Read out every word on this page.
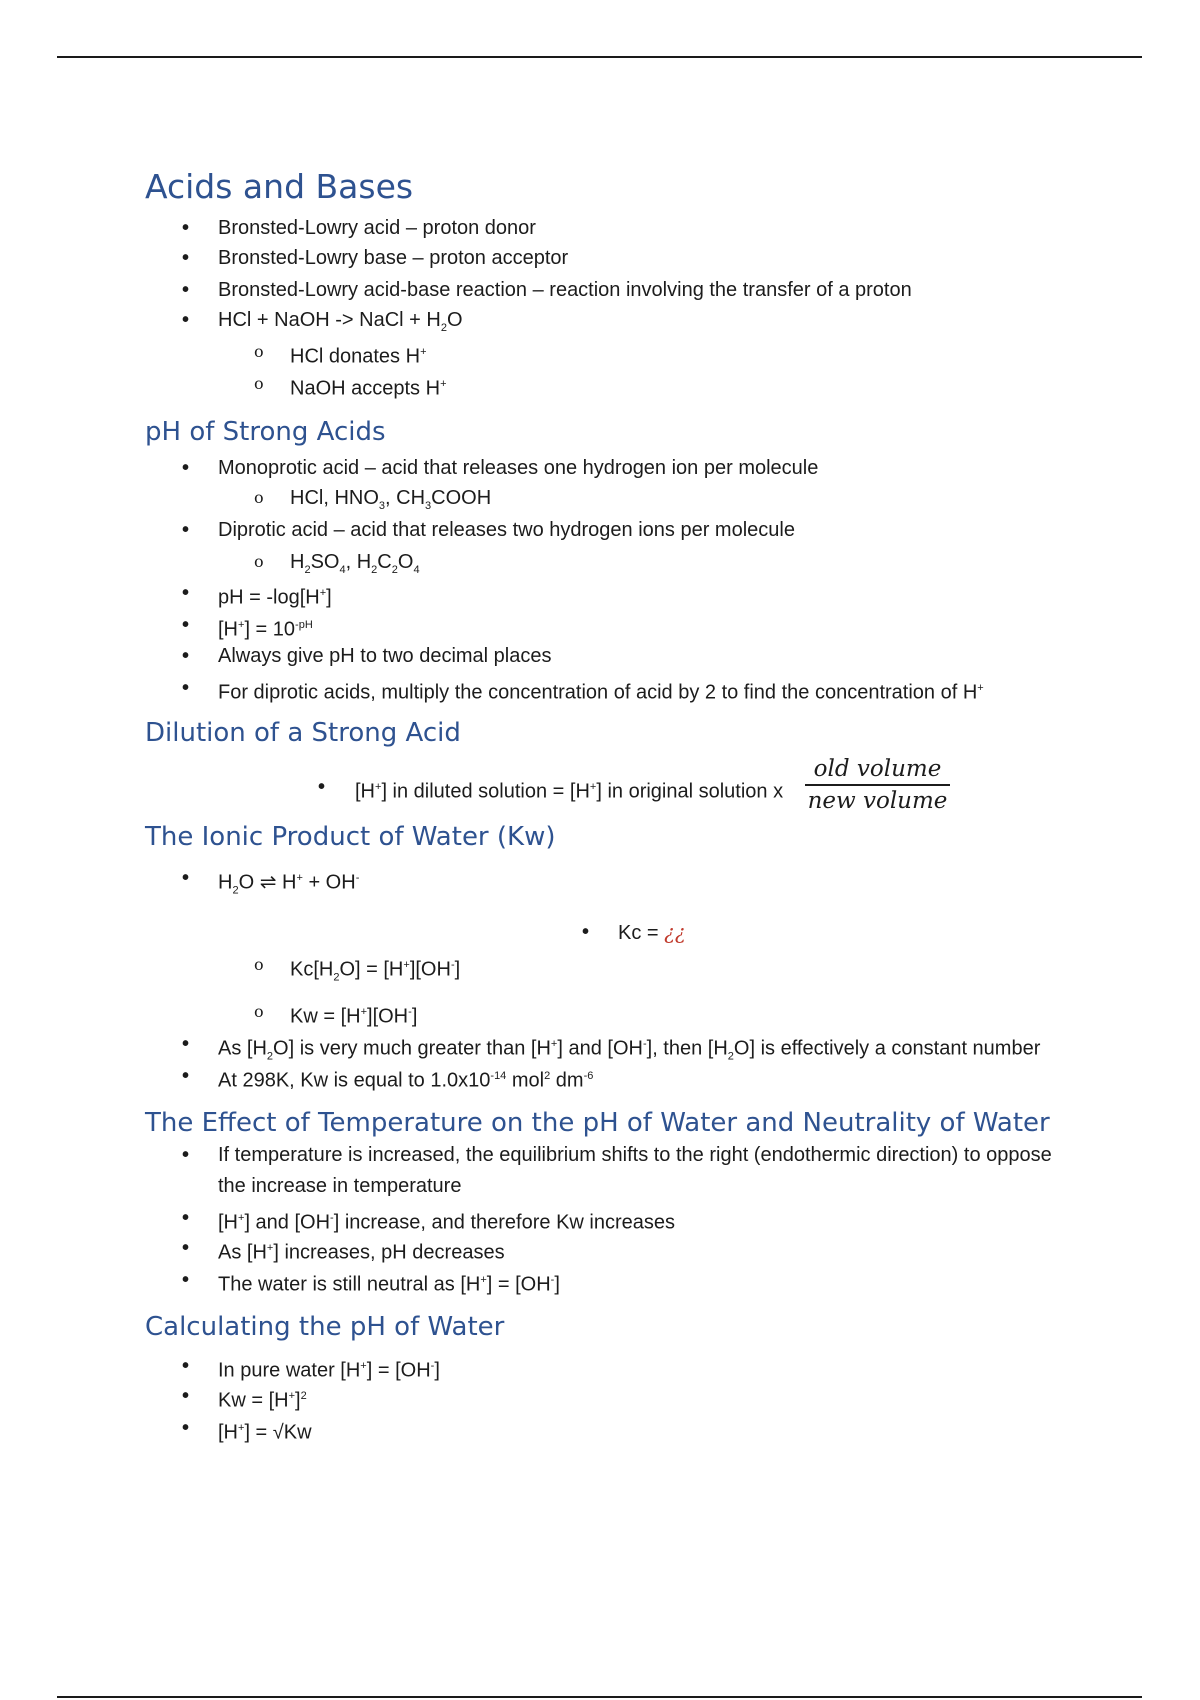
Acids and Bases
• Bronsted-Lowry acid – proton donor
• Bronsted-Lowry base – proton acceptor
• Bronsted-Lowry acid-base reaction – reaction involving the transfer of a proton
• HCl + NaOH -> NaCl + $H_2O$
o HCl donates H+
o NaOH accepts H+
pH of Strong Acids
• Monoprotic acid – acid that releases one hydrogen ion per molecule
o HCl, $HNO_3$, $CH_3COOH$
• Diprotic acid – acid that releases two hydrogen ions per molecule
o $H_2SO_4$, $H_2C_2O_4$
• pH = -log[H+]
• $[H^+] = 10^{-pH}$
• Always give pH to two decimal places
• For diprotic acids, multiply the concentration of acid by 2 to find the concentration of H+
Dilution of a Strong Acid
• [H+] in diluted solution = [H+] in original solution x
old volume
new volume
The Ionic Product of Water (Kw)
• $H_2O$ ⇌ H+ + OH-
• Kc = ¿¿
o $Kc[H_2O] = [H^+][OH^-]$
o Kw = [H+][OH-]
• As $[H_2O]$ is very much greater than [H+] and [OH-], then $[H_2O]$ is effectively a constant number
• At 298K, Kw is equal to $1.0x10^{-14}$ mol$^2$ $dm^{-6}$
The Effect of Temperature on the pH of Water and Neutrality of Water
• If temperature is increased, the equilibrium shifts to the right (endothermic direction) to oppose
the increase in temperature
• [H+] and [OH-] increase, and therefore Kw increases
• As [H+] increases, pH decreases
• The water is still neutral as [H+] = [OH-]
Calculating the pH of Water
• In pure water [H+] = [OH-]
• $Kw = [H^+]^2$
• [H+] = √Kw
